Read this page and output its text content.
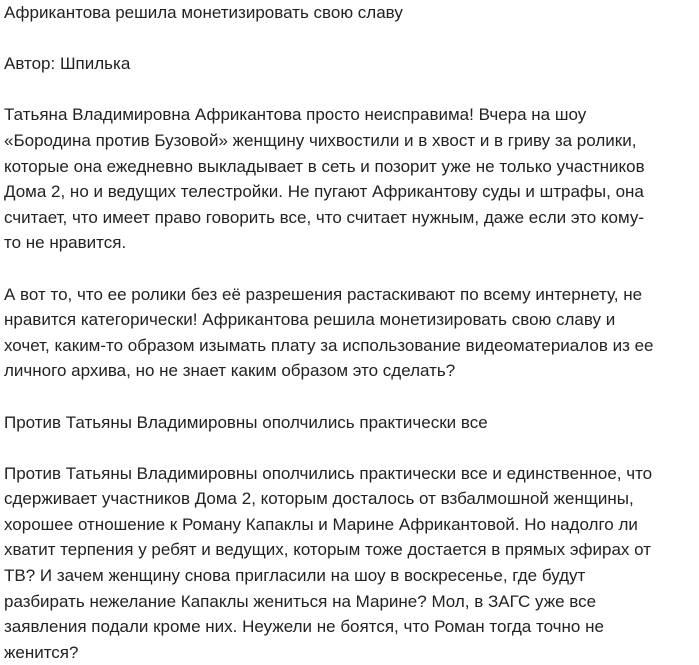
Африкантова решила монетизировать свою славу
Автор: Шпилька
Татьяна Владимировна Африкантова просто неисправима! Вчера на шоу
«Бородина против Бузовой» женщину чихвостили и в хвост и в гриву за ролики,
которые она ежедневно выкладывает в сеть и позорит уже не только участников
Дома 2, но и ведущих телестройки. Не пугают Африкантову суды и штрафы, она
считает, что имеет право говорить все, что считает нужным, даже если это кому-
то не нравится.
А вот то, что ее ролики без её разрешения растаскивают по всему интернету, не
нравится категорически! Африкантова решила монетизировать свою славу и
хочет, каким-то образом изымать плату за использование видеоматериалов из ее
личного архива, но не знает каким образом это сделать?
Против Татьяны Владимировны ополчились практически все
Против Татьяны Владимировны ополчились практически все и единственное, что
сдерживает участников Дома 2, которым досталось от взбалмошной женщины,
хорошее отношение к Роману Капаклы и Марине Африкантовой. Но надолго ли
хватит терпения у ребят и ведущих, которым тоже достается в прямых эфирах от
ТВ? И зачем женщину снова пригласили на шоу в воскресенье, где будут
разбирать нежелание Капаклы жениться на Марине? Мол, в ЗАГС уже все
заявления подали кроме них. Неужели не боятся, что Роман тогда точно не
женится?
